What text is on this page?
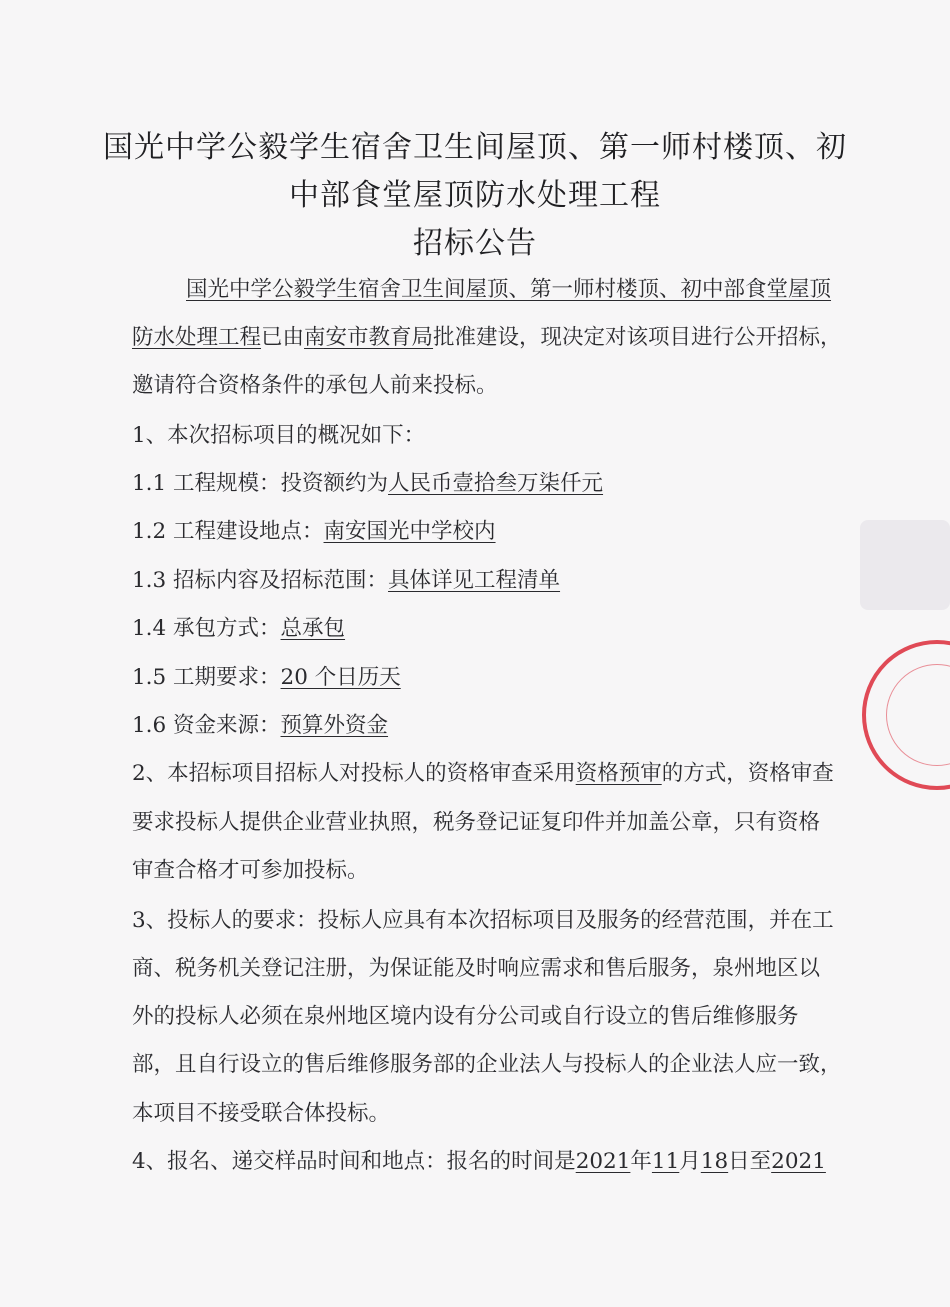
国光中学公毅学生宿舍卫生间屋顶、第一师村楼顶、初
中部食堂屋顶防水处理工程
招标公告
国光中学公毅学生宿舍卫生间屋顶、第一师村楼顶、初中部食堂屋顶
防水处理工程已由南安市教育局批准建设，现决定对该项目进行公开招标，
邀请符合资格条件的承包人前来投标。
1、本次招标项目的概况如下：
1.1 工程规模：投资额约为人民币壹拾叁万柒仟元
1.2 工程建设地点：南安国光中学校内
1.3 招标内容及招标范围：具体详见工程清单
1.4 承包方式：总承包
1.5 工期要求：20 个日历天
1.6 资金来源：预算外资金
2、本招标项目招标人对投标人的资格审查采用资格预审的方式，资格审查
要求投标人提供企业营业执照，税务登记证复印件并加盖公章，只有资格
审查合格才可参加投标。
3、投标人的要求：投标人应具有本次招标项目及服务的经营范围，并在工
商、税务机关登记注册，为保证能及时响应需求和售后服务，泉州地区以
外的投标人必须在泉州地区境内设有分公司或自行设立的售后维修服务
部，且自行设立的售后维修服务部的企业法人与投标人的企业法人应一致，
本项目不接受联合体投标。
4、报名、递交样品时间和地点：报名的时间是2021年11月18日至2021
